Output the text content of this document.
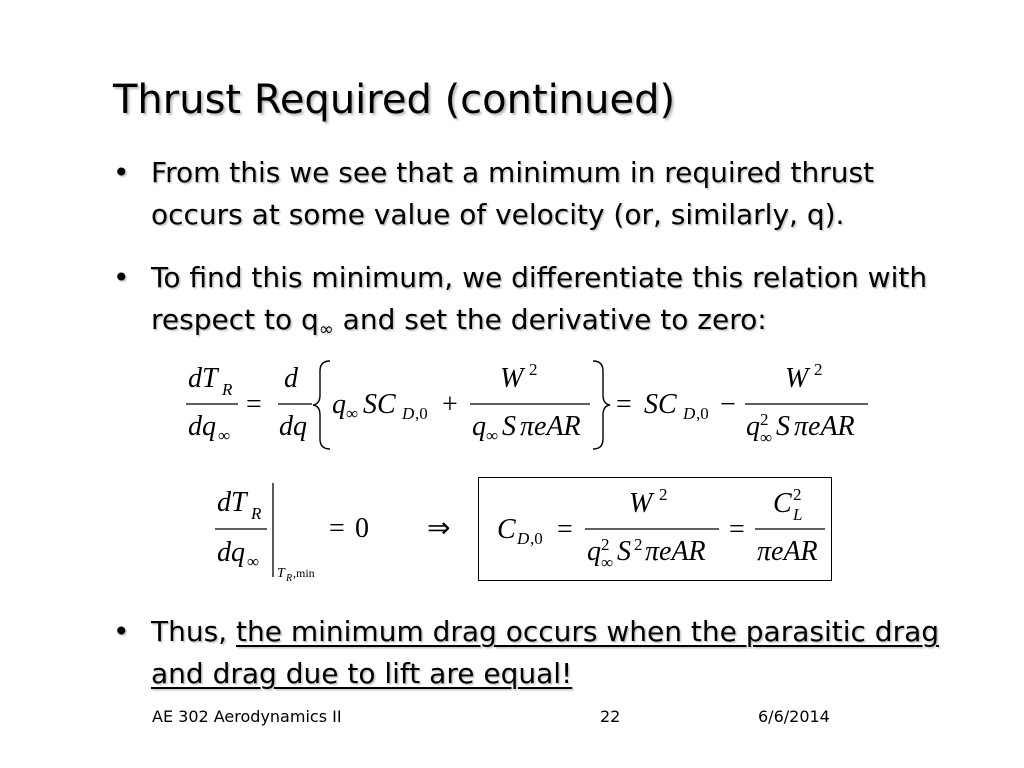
Thrust Required (continued)
• From this we see that a minimum in required thrust occurs at some value of velocity (or, similarly, q).
• To find this minimum, we differentiate this relation with respect to $q_\infty$ and set the derivative to zero:
dT R
dq ∞
=
d
dq
q ∞ SC D ,0 +
W 2
q ∞ S πeAR
= SC D ,0 −
W 2
q 2
∞ S πeAR
dT R
dq ∞
T R ,min
= 0 ⇒ C D ,0 =
W 2
q 2
∞ S 2 πeAR
=
C 2
L
πeAR
• Thus, the minimum drag occurs when the parasitic drag and drag due to lift are equal!
AE 302 Aerodynamics II	22	6/6/2014
